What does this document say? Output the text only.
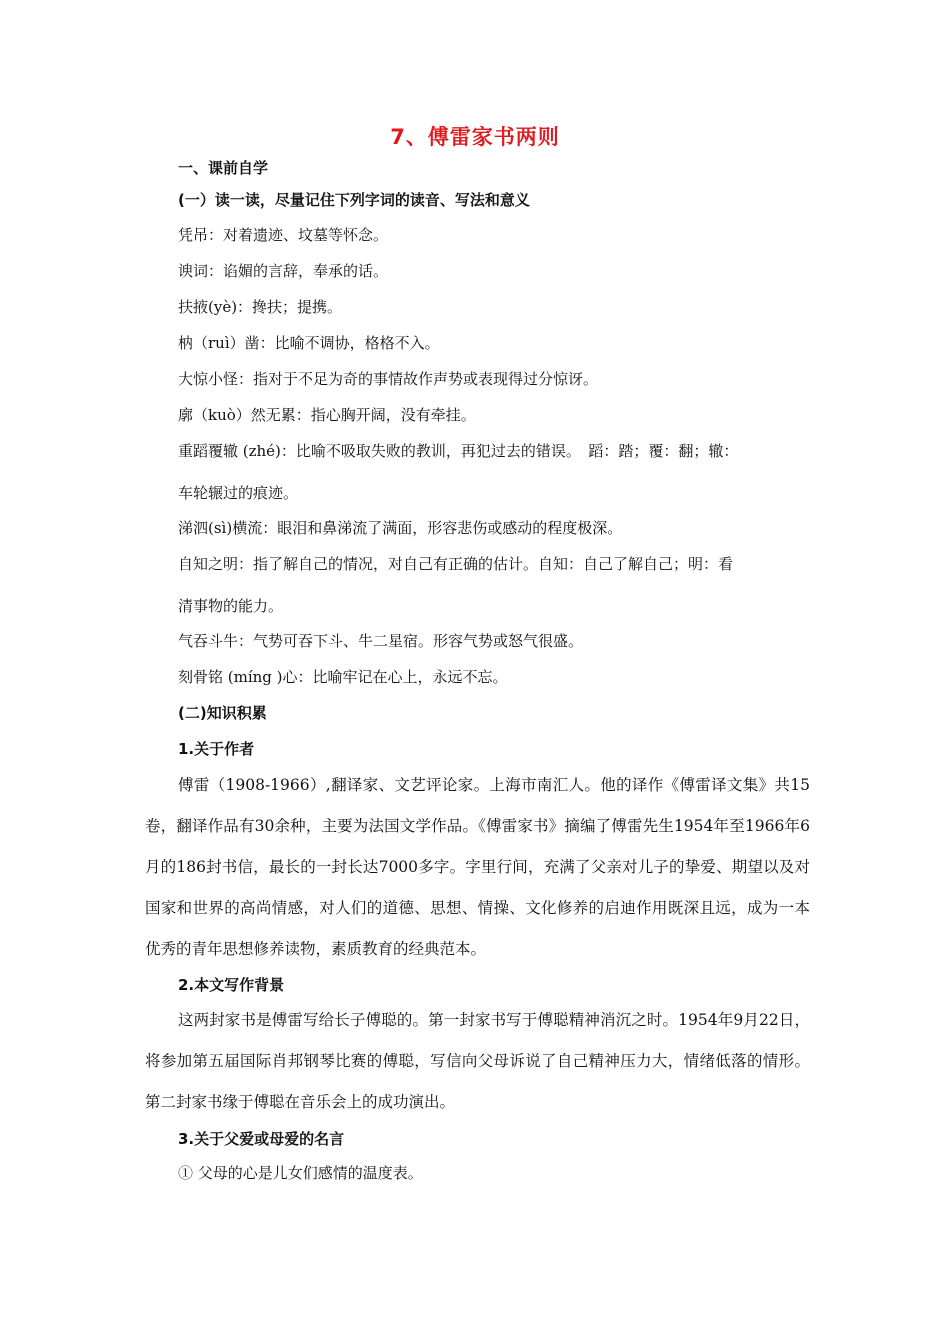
7、傅雷家书两则
一、课前自学
(一）读一读，尽量记住下列字词的读音、写法和意义
凭吊：对着遗迹、坟墓等怀念。
谀词：谄媚的言辞，奉承的话。
扶掖(yè)：搀扶；提携。
枘（ruì）凿：比喻不调协，格格不入。
大惊小怪：指对于不足为奇的事情故作声势或表现得过分惊讶。
廓（kuò）然无累：指心胸开阔，没有牵挂。
重蹈覆辙 (zhé)：比喻不吸取失败的教训，再犯过去的错误。　蹈：踏；覆：翻；辙：
车轮辗过的痕迹。
涕泗(sì)横流：眼泪和鼻涕流了满面，形容悲伤或感动的程度极深。
自知之明：指了解自己的情况，对自己有正确的估计。自知：自己了解自己；明：看
清事物的能力。
气吞斗牛：气势可吞下斗、牛二星宿。形容气势或怒气很盛。
刻骨铭 (míng )心：比喻牢记在心上，永远不忘。
(二)知识积累
1.关于作者
傅雷（1908-1966）,翻译家、文艺评论家。上海市南汇人。他的译作《傅雷译文集》共15卷，翻译作品有30余种，主要为法国文学作品。《傅雷家书》摘编了傅雷先生1954年至1966年6月的186封书信，最长的一封长达7000多字。字里行间，充满了父亲对儿子的挚爱、期望以及对国家和世界的高尚情感，对人们的道德、思想、情操、文化修养的启迪作用既深且远，成为一本优秀的青年思想修养读物，素质教育的经典范本。
2.本文写作背景
这两封家书是傅雷写给长子傅聪的。第一封家书写于傅聪精神消沉之时。1954年9月22日，将参加第五届国际肖邦钢琴比赛的傅聪，写信向父母诉说了自己精神压力大，情绪低落的情形。第二封家书缘于傅聪在音乐会上的成功演出。
3.关于父爱或母爱的名言
① 父母的心是儿女们感情的温度表。
